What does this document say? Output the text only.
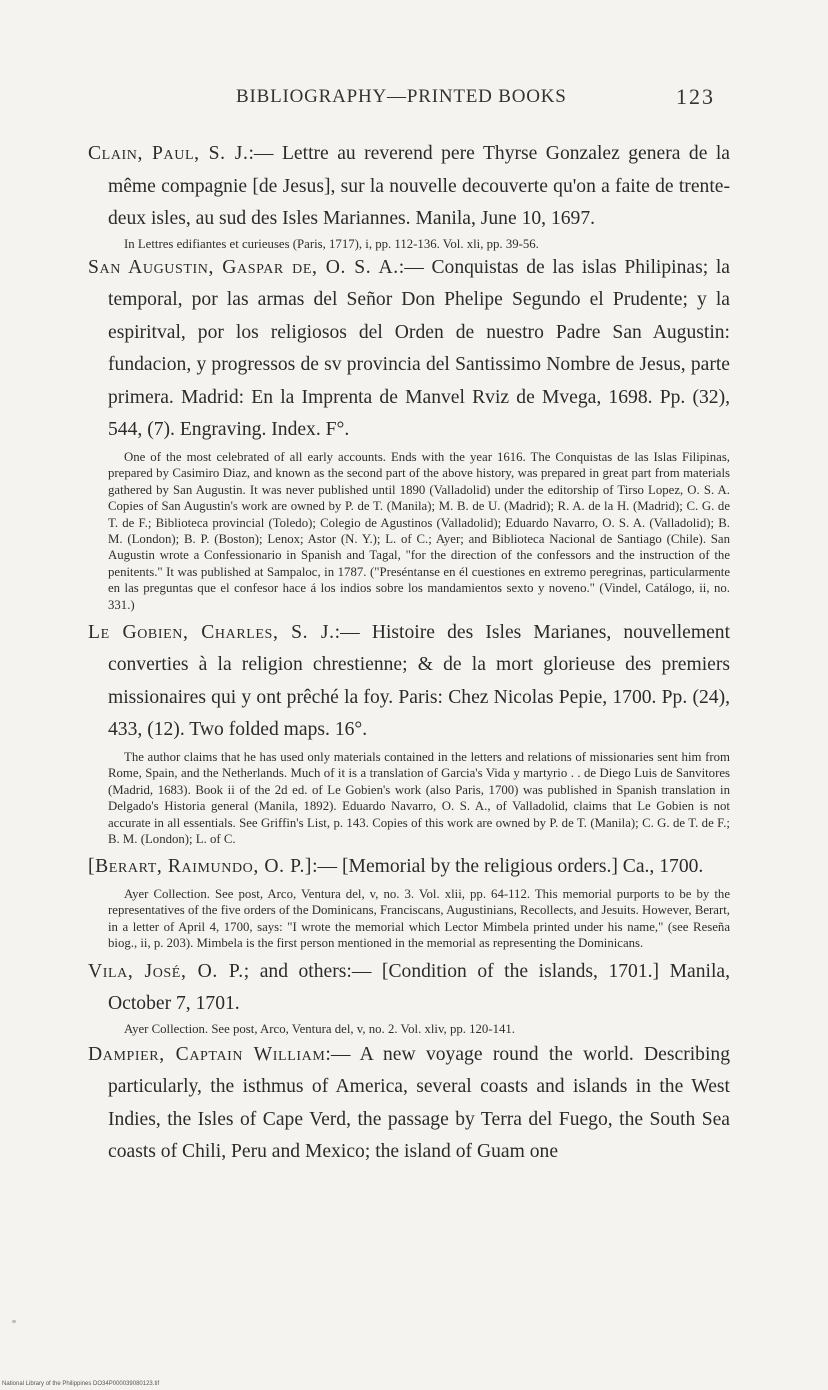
BIBLIOGRAPHY—PRINTED BOOKS	123

Clain, Paul, S. J.:— Lettre au reverend pere Thyrse Gonzalez genera de la même compagnie [de Jesus], sur la nouvelle decouverte qu'on a faite de trente-deux isles, au sud des Isles Mariannes. Manila, June 10, 1697.

In Lettres edifiantes et curieuses (Paris, 1717), i, pp. 112-136. Vol. xli, pp. 39-56.

San Augustin, Gaspar de, O. S. A.:— Conquistas de las islas Philipinas; la temporal, por las armas del Señor Don Phelipe Segundo el Prudente; y la espiritval, por los religiosos del Orden de nuestro Padre San Augustin: fundacion, y progressos de sv provincia del Santissimo Nombre de Jesus, parte primera. Madrid: En la Imprenta de Manvel Rviz de Mvega, 1698. Pp. (32), 544, (7). Engraving. Index. F°.

One of the most celebrated of all early accounts. Ends with the year 1616. The Conquistas de las Islas Filipinas, prepared by Casimiro Diaz, and known as the second part of the above history, was prepared in great part from materials gathered by San Augustin. It was never published until 1890 (Valladolid) under the editorship of Tirso Lopez, O. S. A. Copies of San Augustin's work are owned by P. de T. (Manila); M. B. de U. (Madrid); R. A. de la H. (Madrid); C. G. de T. de F.; Biblioteca provincial (Toledo); Colegio de Agustinos (Valladolid); Eduardo Navarro, O. S. A. (Valladolid); B. M. (London); B. P. (Boston); Lenox; Astor (N. Y.); L. of C.; Ayer; and Biblioteca Nacional de Santiago (Chile). San Augustin wrote a Confessionario in Spanish and Tagal, "for the direction of the confessors and the instruction of the penitents." It was published at Sampaloc, in 1787. ("Preséntanse en él cuestiones en extremo peregrinas, particularmente en las preguntas que el confesor hace á los indios sobre los mandamientos sexto y noveno." (Vindel, Catálogo, ii, no. 331.)

Le Gobien, Charles, S. J.:— Histoire des Isles Marianes, nouvellement converties à la religion chrestienne; & de la mort glorieuse des premiers missionaires qui y ont prêché la foy. Paris: Chez Nicolas Pepie, 1700. Pp. (24), 433, (12). Two folded maps. 16°.

The author claims that he has used only materials contained in the letters and relations of missionaries sent him from Rome, Spain, and the Netherlands. Much of it is a translation of Garcia's Vida y martyrio . . de Diego Luis de Sanvitores (Madrid, 1683). Book ii of the 2d ed. of Le Gobien's work (also Paris, 1700) was published in Spanish translation in Delgado's Historia general (Manila, 1892). Eduardo Navarro, O. S. A., of Valladolid, claims that Le Gobien is not accurate in all essentials. See Griffin's List, p. 143. Copies of this work are owned by P. de T. (Manila); C. G. de T. de F.; B. M. (London); L. of C.

[Berart, Raimundo, O. P.]:— [Memorial by the religious orders.] Ca., 1700.

Ayer Collection. See post, Arco, Ventura del, v, no. 3. Vol. xlii, pp. 64-112. This memorial purports to be by the representatives of the five orders of the Dominicans, Franciscans, Augustinians, Recollects, and Jesuits. However, Berart, in a letter of April 4, 1700, says: "I wrote the memorial which Lector Mimbela printed under his name," (see Reseña biog., ii, p. 203). Mimbela is the first person mentioned in the memorial as representing the Dominicans.

Vila, José, O. P.; and others:— [Condition of the islands, 1701.] Manila, October 7, 1701.

Ayer Collection. See post, Arco, Ventura del, v, no. 2. Vol. xliv, pp. 120-141.

Dampier, Captain William:— A new voyage round the world. Describing particularly, the isthmus of America, several coasts and islands in the West Indies, the Isles of Cape Verd, the passage by Terra del Fuego, the South Sea coasts of Chili, Peru and Mexico; the island of Guam one

National Library of the Philippines DO34P000039080123.tif
